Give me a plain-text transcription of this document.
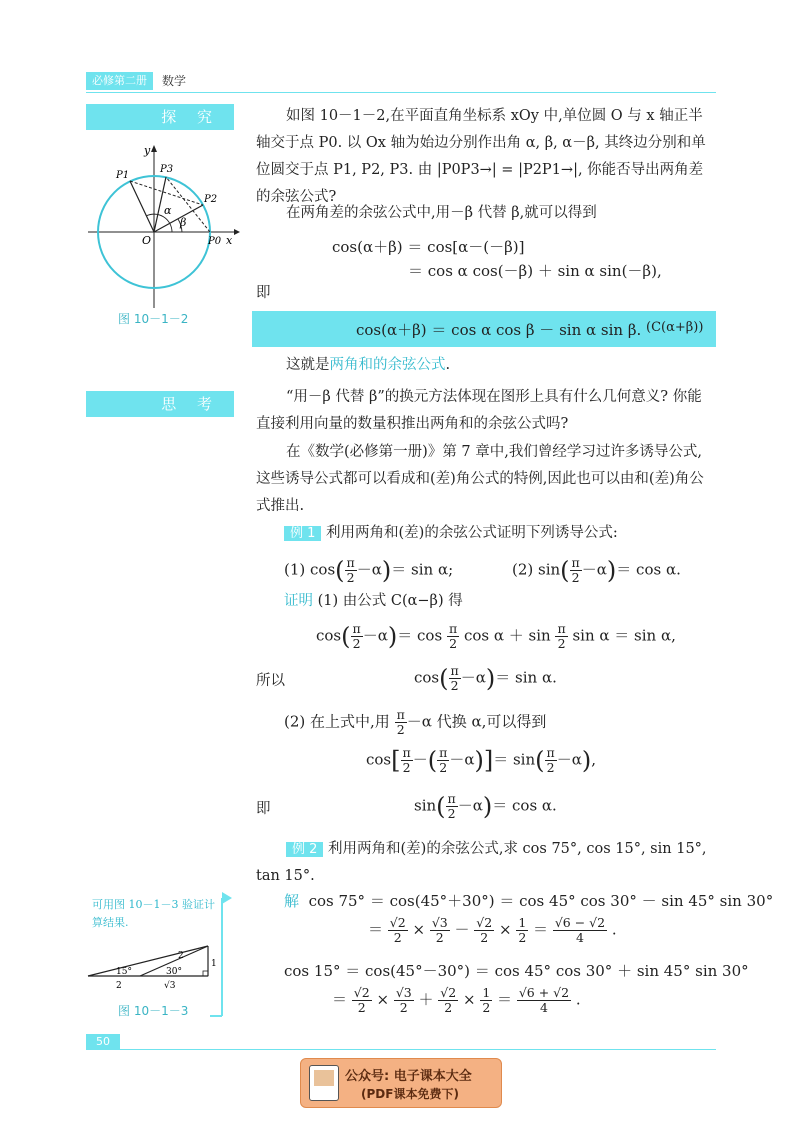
必修第二册	数学
探 究
y
x
O	P0
P1
P3
P2
α
β
图 10－1－2
思 考
如图 10－1－2,在平面直角坐标系 xOy 中,单位圆 O 与 x 轴正半轴交于点 P0. 以 Ox 轴为始边分别作出角 α, β, α－β, 其终边分别和单位圆交于点 P1, P2, P3. 由 |P0P3→| = |P2P1→|, 你能否导出两角差的余弦公式?
在两角差的余弦公式中,用－β 代替 β,就可以得到
cos(α＋β) ＝ cos[α－(－β)]
＝ cos α cos(－β) ＋ sin α sin(－β),
即
cos(α＋β) ＝ cos α cos β － sin α sin β. (C(α+β))
这就是两角和的余弦公式.
“用－β 代替 β”的换元方法体现在图形上具有什么几何意义? 你能直接利用向量的数量积推出两角和的余弦公式吗?
在《数学(必修第一册)》第 7 章中,我们曾经学习过许多诱导公式,这些诱导公式都可以看成和(差)角公式的特例,因此也可以由和(差)角公式推出.
例 1 利用两角和(差)的余弦公式证明下列诱导公式:
(1) $\cos( \frac{\pi}{2} -\alpha)= \sin \alpha$;	(2) $\sin( \frac{\pi}{2} -\alpha)= \cos \alpha$.
证明 (1) 由公式 C(α−β) 得
$\cos( \frac{\pi}{2} -\alpha)= \cos \frac{\pi}{2}$ $\cos \alpha + \sin \frac{\pi}{2}$ sin α ＝ sin α,
所以	$\cos( \frac{\pi}{2} -\alpha)= \sin \alpha$.
(2) 在上式中,用 $\frac{\pi}{2} -\alpha$ 代换 α,可以得到
$\cos[ \frac{\pi}{2}$ －( $\frac{\pi}{2} -\alpha)]= \sin( \frac{\pi}{2} -\alpha)$,
即	$\sin( \frac{\pi}{2} -\alpha)= \cos \alpha$.
例 2 利用两角和(差)的余弦公式,求 cos 75°, cos 15°, sin 15°, tan 15°.
解 cos 75° ＝ cos(45°＋30°) ＝ cos 45° cos 30° － sin 45° sin 30°
＝ $\frac{√2}{2} \times \frac{√3}{2} - \frac{√2}{2} \times \frac{1}{2} = \frac{√6 - √2}{4}$ .
cos 15° ＝ cos(45°－30°) ＝ cos 45° cos 30° ＋ sin 45° sin 30°
＝ $\frac{√2}{2} \times \frac{√3}{2} + \frac{√2}{2} \times \frac{1}{2} = \frac{√6 + √2}{4}$ .
可用图 10－1－3 验证计算结果.
15°	30°
2
2
1
√3
图 10－1－3
50
公众号: 电子课本大全
(PDF课本免费下)
